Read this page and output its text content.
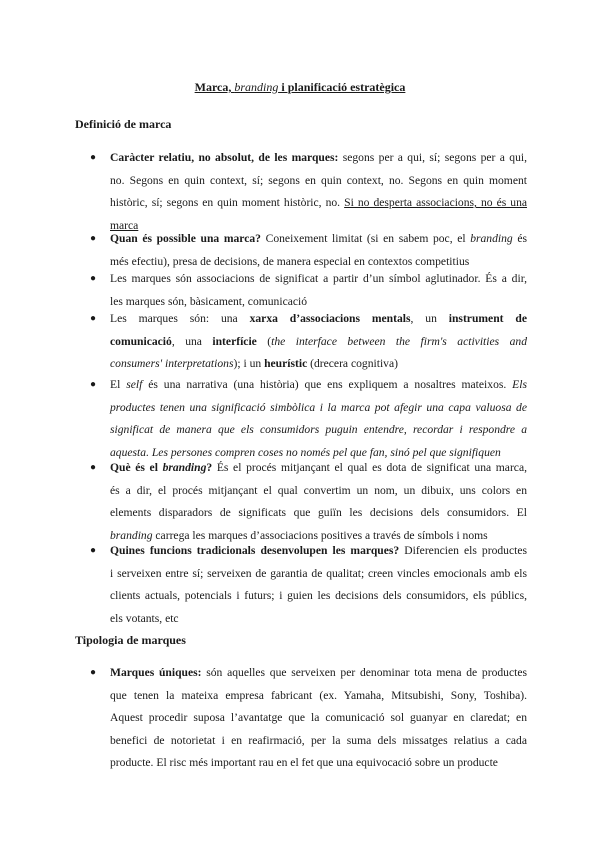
Marca, branding i planificació estratègica
Definició de marca
● Caràcter relatiu, no absolut, de les marques: segons per a qui, sí; segons per a qui,
no. Segons en quin context, sí; segons en quin context, no. Segons en quin moment
històric, sí; segons en quin moment històric, no. Si no desperta associacions, no és una
marca
● Quan és possible una marca? Coneixement limitat (si en sabem poc, el branding és
més efectiu), presa de decisions, de manera especial en contextos competitius
● Les marques són associacions de significat a partir d’un símbol aglutinador. És a dir,
les marques són, bàsicament, comunicació
● Les marques són: una xarxa d’associacions mentals, un instrument de
comunicació, una interfície (the interface between the firm's activities and
consumers' interpretations); i un heurístic (drecera cognitiva)
● El self és una narrativa (una història) que ens expliquem a nosaltres mateixos. Els
productes tenen una significació simbòlica i la marca pot afegir una capa valuosa de
significat de manera que els consumidors puguin entendre, recordar i respondre a
aquesta. Les persones compren coses no només pel que fan, sinó pel que signifiquen
● Què és el branding? És el procés mitjançant el qual es dota de significat una marca,
és a dir, el procés mitjançant el qual convertim un nom, un dibuix, uns colors en
elements disparadors de significats que guiïn les decisions dels consumidors. El
branding carrega les marques d’associacions positives a través de símbols i noms
● Quines funcions tradicionals desenvolupen les marques? Diferencien els productes
i serveixen entre sí; serveixen de garantia de qualitat; creen vincles emocionals amb els
clients actuals, potencials i futurs; i guien les decisions dels consumidors, els públics,
els votants, etc
Tipologia de marques
● Marques úniques: són aquelles que serveixen per denominar tota mena de productes
que tenen la mateixa empresa fabricant (ex. Yamaha, Mitsubishi, Sony, Toshiba).
Aquest procedir suposa l’avantatge que la comunicació sol guanyar en claredat; en
benefici de notorietat i en reafirmació, per la suma dels missatges relatius a cada
producte. El risc més important rau en el fet que una equivocació sobre un producte
